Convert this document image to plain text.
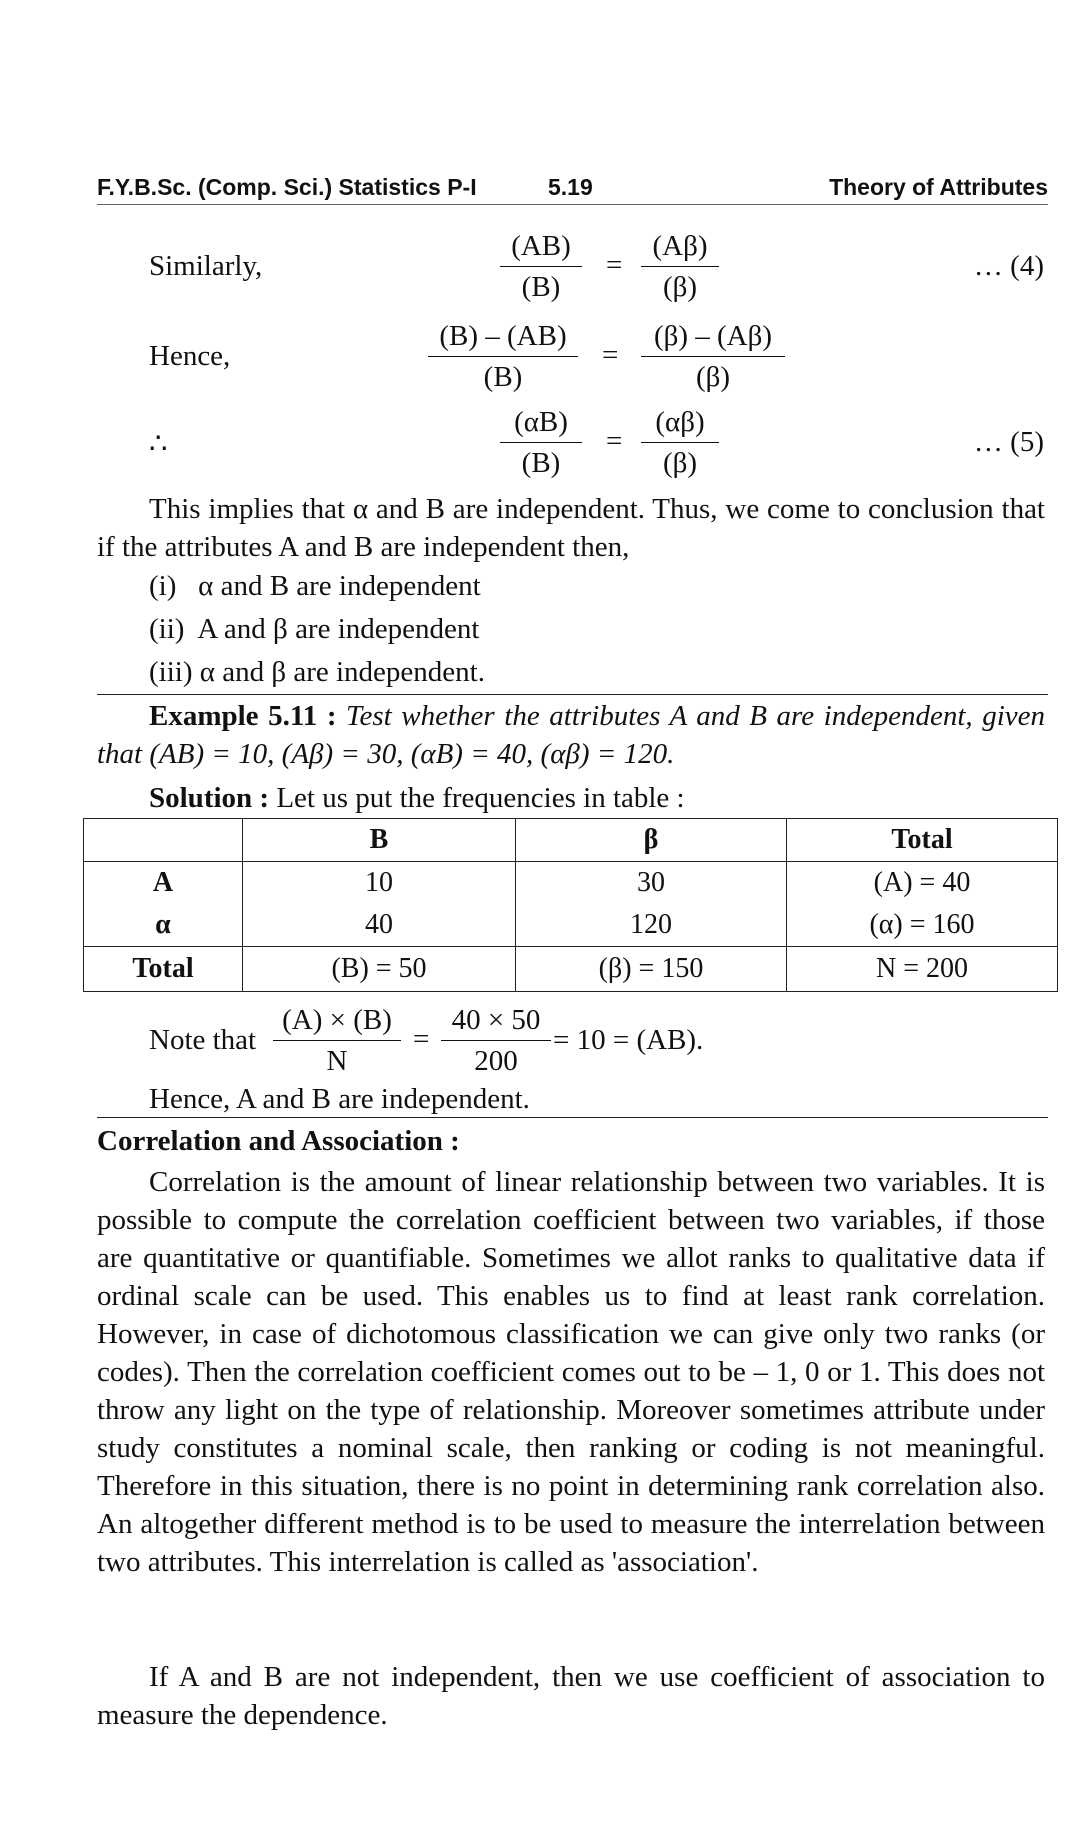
F.Y.B.Sc. (Comp. Sci.) Statistics P-I	5.19	Theory of Attributes
Similarly,	$\frac{(AB)}{(B)} = \frac{(A\beta)}{(\beta)}$	… (4)
Hence,	$\frac{(B) - (AB)}{(B)} = \frac{(\beta) - (A\beta)}{(\beta)}$
∴	$\frac{(\alpha B)}{(B)} = \frac{(\alpha\beta)}{(\beta)}$	… (5)

This implies that α and B are independent. Thus, we come to conclusion that if the attributes A and B are independent then,

(i) α and B are independent
(ii) A and β are independent
(iii) α and β are independent.

Example 5.11 : Test whether the attributes A and B are independent, given that (AB) = 10, (Aβ) = 30, (αB) = 40, (αβ) = 120.

Solution : Let us put the frequencies in table :
	B	β	Total
A	10	30	(A) = 40
α	40	120	(α) = 160
Total	(B) = 50	(β) = 150	N = 200
Note that $\frac{(A) \times (B)}{N} = \frac{40 \times 50}{200} = 10 = (AB)$.
Hence, A and B are independent.
Correlation and Association :

Correlation is the amount of linear relationship between two variables. It is possible to compute the correlation coefficient between two variables, if those are quantitative or quantifiable. Sometimes we allot ranks to qualitative data if ordinal scale can be used. This enables us to find at least rank correlation. However, in case of dichotomous classification we can give only two ranks (or codes). Then the correlation coefficient comes out to be – 1, 0 or 1. This does not throw any light on the type of relationship. Moreover sometimes attribute under study constitutes a nominal scale, then ranking or coding is not meaningful. Therefore in this situation, there is no point in determining rank correlation also. An altogether different method is to be used to measure the interrelation between two attributes. This interrelation is called as 'association'.

If A and B are not independent, then we use coefficient of association to measure the dependence.
